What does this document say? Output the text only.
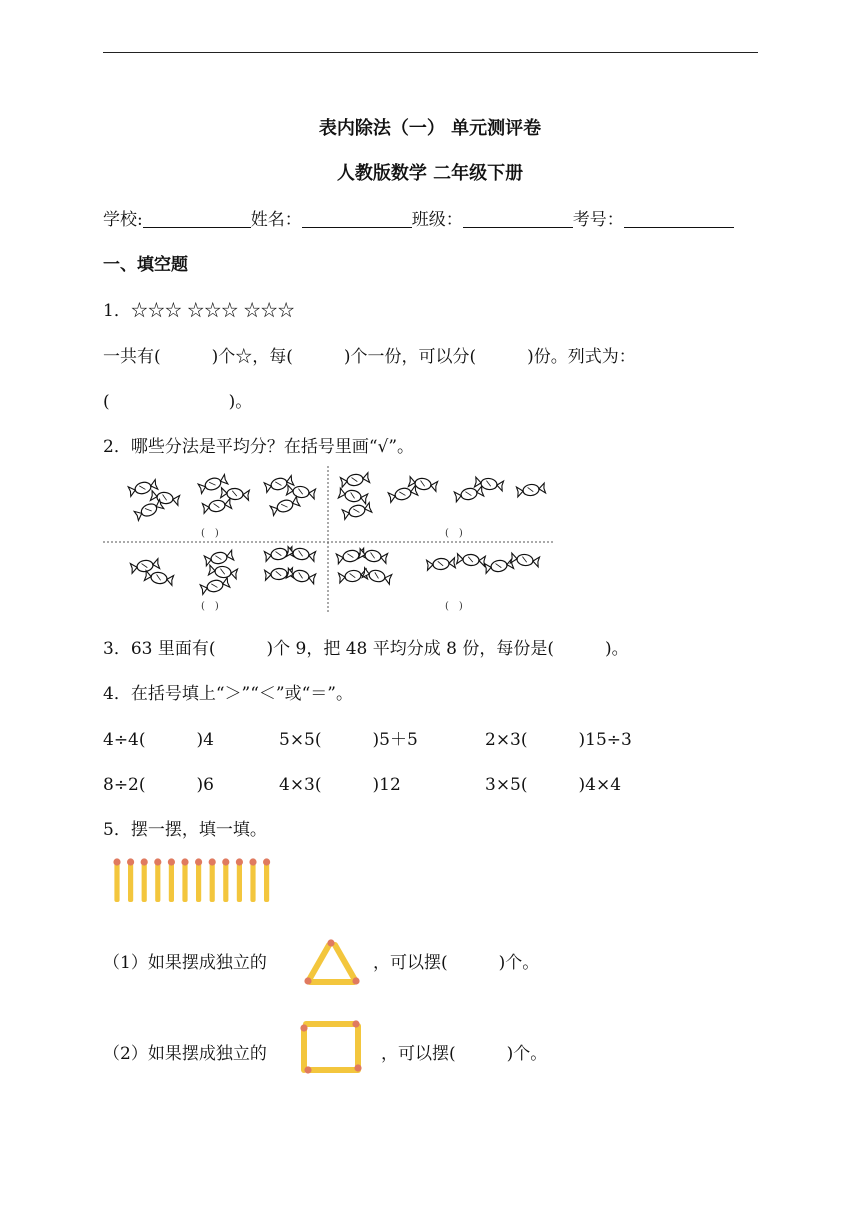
表内除法（一） 单元测评卷
人教版数学 二年级下册
学校:	姓名：	班级：	考号：
一、填空题
1．☆☆☆ ☆☆☆ ☆☆☆
一共有(　　　)个☆，每(　　　)个一份，可以分(　　　)份。列式为：
(　　　　　　　)。
2．哪些分法是平均分？在括号里画“√”。
(　)	(　)
(　)	(　)
3．63 里面有(　　　)个 9，把 48 平均分成 8 份，每份是(　　　)。
4．在括号填上“＞”“＜”或“＝”。
4÷4(　　　)4	5×5(　　　)5＋5	2×3(　　　)15÷3
8÷2(　　　)6	4×3(　　　)12	3×5(　　　)4×4
5．摆一摆，填一填。
（1）如果摆成独立的	，可以摆(　　　)个。
（2）如果摆成独立的	，可以摆(　　　)个。
